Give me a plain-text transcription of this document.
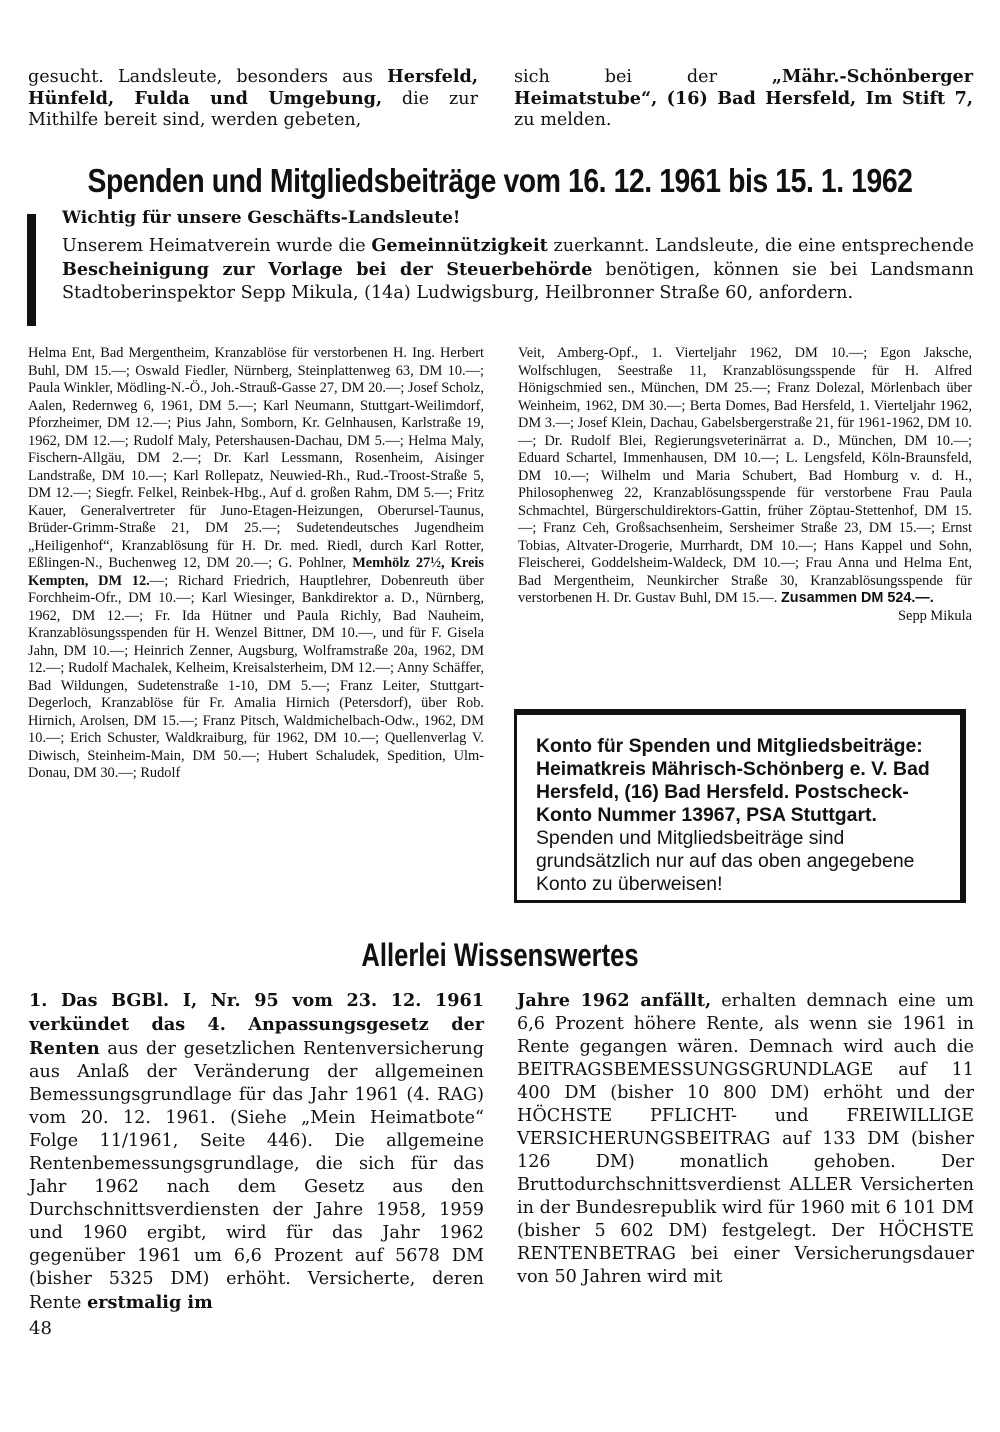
gesucht. Landsleute, besonders aus Hersfeld, Hünfeld, Fulda und Umgebung, die zur Mithilfe bereit sind, werden gebeten,
sich bei der „Mähr.-Schönberger Heimatstube“, (16) Bad Hersfeld, Im Stift 7, zu melden.
Spenden und Mitgliedsbeiträge vom 16. 12. 1961 bis 15. 1. 1962
Wichtig für unsere Geschäfts-Landsleute!
Unserem Heimatverein wurde die Gemeinnützigkeit zuerkannt. Landsleute, die eine entsprechende Bescheinigung zur Vorlage bei der Steuerbehörde benötigen, können sie bei Landsmann Stadtoberinspektor Sepp Mikula, (14a) Ludwigsburg, Heilbronner Straße 60, anfordern.
Helma Ent, Bad Mergentheim, Kranzablöse für verstorbenen H. Ing. Herbert Buhl, DM 15.—; Oswald Fiedler, Nürnberg, Steinplattenweg 63, DM 10.—; Paula Winkler, Mödling-N.-Ö., Joh.-Strauß-Gasse 27, DM 20.—; Josef Scholz, Aalen, Redernweg 6, 1961, DM 5.—; Karl Neumann, Stuttgart-Weilimdorf, Pforzheimer, DM 12.—; Pius Jahn, Somborn, Kr. Gelnhausen, Karlstraße 19, 1962, DM 12.—; Rudolf Maly, Petershausen-Dachau, DM 5.—; Helma Maly, Fischern-Allgäu, DM 2.—; Dr. Karl Lessmann, Rosenheim, Aisinger Landstraße, DM 10.—; Karl Rollepatz, Neuwied-Rh., Rud.-Troost-Straße 5, DM 12.—; Siegfr. Felkel, Reinbek-Hbg., Auf d. großen Rahm, DM 5.—; Fritz Kauer, Generalvertreter für Juno-Etagen-Heizungen, Oberursel-Taunus, Brüder-Grimm-Straße 21, DM 25.—; Sudetendeutsches Jugendheim „Heiligenhof“, Kranzablösung für H. Dr. med. Riedl, durch Karl Rotter, Eßlingen-N., Buchenweg 12, DM 20.—; G. Pohlner, Memhölz 27½, Kreis Kempten, DM 12.—; Richard Friedrich, Hauptlehrer, Dobenreuth über Forchheim-Ofr., DM 10.—; Karl Wiesinger, Bankdirektor a. D., Nürnberg, 1962, DM 12.—; Fr. Ida Hütner und Paula Richly, Bad Nauheim, Kranzablösungsspenden für H. Wenzel Bittner, DM 10.—, und für F. Gisela Jahn, DM 10.—; Heinrich Zenner, Augsburg, Wolframstraße 20a, 1962, DM 12.—; Rudolf Machalek, Kelheim, Kreisalsterheim, DM 12.—; Anny Schäffer, Bad Wildungen, Sudetenstraße 1-10, DM 5.—; Franz Leiter, Stuttgart-Degerloch, Kranzablöse für Fr. Amalia Hirnich (Petersdorf), über Rob. Hirnich, Arolsen, DM 15.—; Franz Pitsch, Waldmichelbach-Odw., 1962, DM 10.—; Erich Schuster, Waldkraiburg, für 1962, DM 10.—; Quellenverlag V. Diwisch, Steinheim-Main, DM 50.—; Hubert Schaludek, Spedition, Ulm-Donau, DM 30.—; Rudolf
Veit, Amberg-Opf., 1. Vierteljahr 1962, DM 10.—; Egon Jaksche, Wolfschlugen, Seestraße 11, Kranzablösungsspende für H. Alfred Hönigschmied sen., München, DM 25.—; Franz Dolezal, Mörlenbach über Weinheim, 1962, DM 30.—; Berta Domes, Bad Hersfeld, 1. Vierteljahr 1962, DM 3.—; Josef Klein, Dachau, Gabelsbergerstraße 21, für 1961-1962, DM 10.—; Dr. Rudolf Blei, Regierungsveterinärrat a. D., München, DM 10.—; Eduard Schartel, Immenhausen, DM 10.—; L. Lengsfeld, Köln-Braunsfeld, DM 10.—; Wilhelm und Maria Schubert, Bad Homburg v. d. H., Philosophenweg 22, Kranzablösungsspende für verstorbene Frau Paula Schmachtel, Bürgerschuldirektors-Gattin, früher Zöptau-Stettenhof, DM 15.—; Franz Ceh, Großsachsenheim, Sersheimer Straße 23, DM 15.—; Ernst Tobias, Altvater-Drogerie, Murrhardt, DM 10.—; Hans Kappel und Sohn, Fleischerei, Goddelsheim-Waldeck, DM 10.—; Frau Anna und Helma Ent, Bad Mergentheim, Neunkircher Straße 30, Kranzablösungsspende für verstorbenen H. Dr. Gustav Buhl, DM 15.—. Zusammen DM 524.—.
Sepp Mikula
Konto für Spenden und Mitgliedsbeiträge: Heimatkreis Mährisch-Schönberg e. V. Bad Hersfeld, (16) Bad Hersfeld. Postscheck-Konto Nummer 13967, PSA Stuttgart. Spenden und Mitgliedsbeiträge sind grundsätzlich nur auf das oben angegebene Konto zu überweisen!
Allerlei Wissenswertes
1. Das BGBl. I, Nr. 95 vom 23. 12. 1961 verkündet das 4. Anpassungsgesetz der Renten aus der gesetzlichen Rentenversicherung aus Anlaß der Veränderung der allgemeinen Bemessungsgrundlage für das Jahr 1961 (4. RAG) vom 20. 12. 1961. (Siehe „Mein Heimatbote“ Folge 11/1961, Seite 446). Die allgemeine Rentenbemessungsgrundlage, die sich für das Jahr 1962 nach dem Gesetz aus den Durchschnittsverdiensten der Jahre 1958, 1959 und 1960 ergibt, wird für das Jahr 1962 gegenüber 1961 um 6,6 Prozent auf 5678 DM (bisher 5325 DM) erhöht. Versicherte, deren Rente erstmalig im
Jahre 1962 anfällt, erhalten demnach eine um 6,6 Prozent höhere Rente, als wenn sie 1961 in Rente gegangen wären. Demnach wird auch die BEITRAGSBEMESSUNGSGRUNDLAGE auf 11 400 DM (bisher 10 800 DM) erhöht und der HÖCHSTE PFLICHT- und FREIWILLIGE VERSICHERUNGSBEITRAG auf 133 DM (bisher 126 DM) monatlich gehoben. Der Bruttodurchschnittsverdienst ALLER Versicherten in der Bundesrepublik wird für 1960 mit 6 101 DM (bisher 5 602 DM) festgelegt. Der HÖCHSTE RENTENBETRAG bei einer Versicherungsdauer von 50 Jahren wird mit
48
